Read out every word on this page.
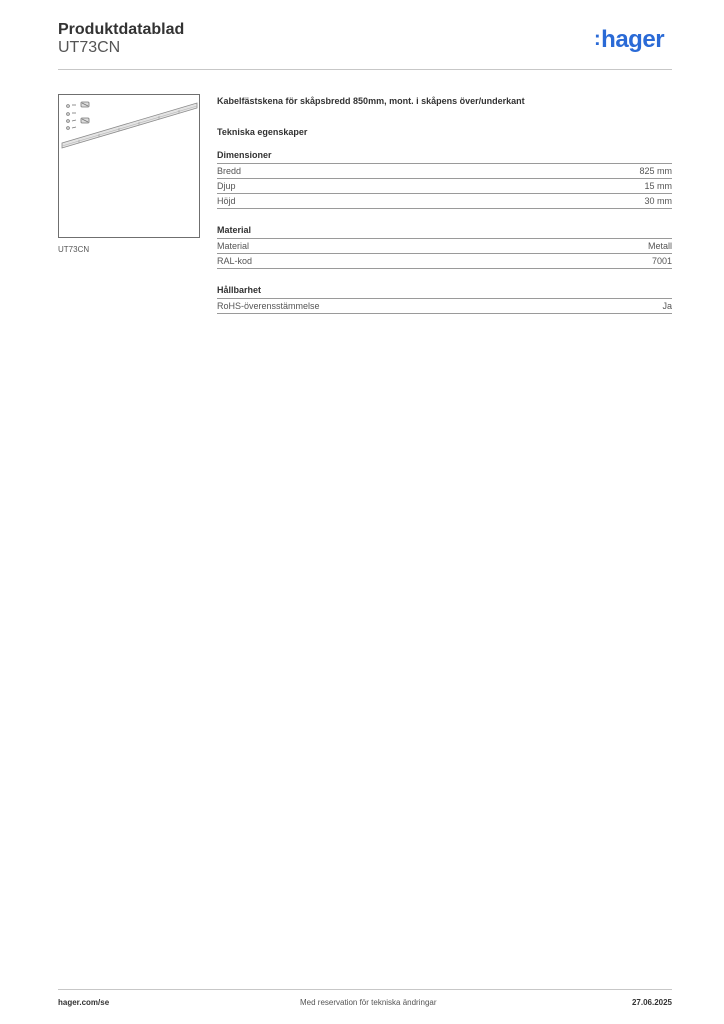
Produktdatablad
UT73CN	:hager
UT73CN
Kabelfästskena för skåpsbredd 850mm, mont. i skåpens över/underkant
Tekniska egenskaper
Dimensioner
Bredd	825 mm
Djup	15 mm
Höjd	30 mm
Material
Material	Metall
RAL-kod	7001
Hållbarhet
RoHS-överensstämmelse	Ja
hager.com/se	Med reservation för tekniska ändringar	27.06.2025
